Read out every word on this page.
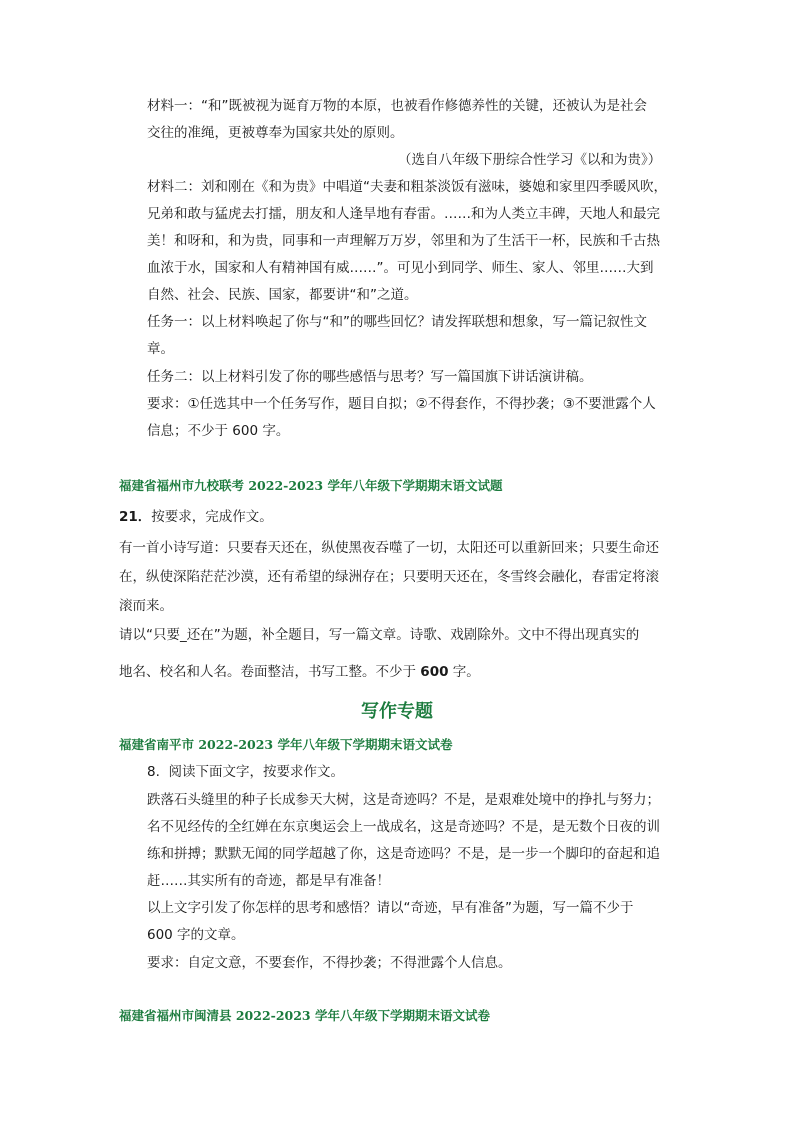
材料一：“和”既被视为诞育万物的本原，也被看作修德养性的关键，还被认为是社会
交往的准绳，更被尊奉为国家共处的原则。
（选自八年级下册综合性学习《以和为贵》）
材料二：刘和刚在《和为贵》中唱道“夫妻和粗茶淡饭有滋味，婆媳和家里四季暖风吹，
兄弟和敢与猛虎去打擂，朋友和人逢旱地有春雷。……和为人类立丰碑，天地人和最完
美！和呀和，和为贵，同事和一声理解万万岁，邻里和为了生活干一杯，民族和千古热
血浓于水，国家和人有精神国有威……”。可见小到同学、师生、家人、邻里……大到
自然、社会、民族、国家，都要讲“和”之道。
任务一：以上材料唤起了你与“和”的哪些回忆？请发挥联想和想象，写一篇记叙性文
章。
任务二：以上材料引发了你的哪些感悟与思考？写一篇国旗下讲话演讲稿。
要求：①任选其中一个任务写作，题目自拟；②不得套作，不得抄袭；③不要泄露个人
信息；不少于 600 字。
福建省福州市九校联考 2022-2023 学年八年级下学期期末语文试题
21．按要求，完成作文。
有一首小诗写道：只要春天还在，纵使黑夜吞噬了一切，太阳还可以重新回来；只要生命还
在，纵使深陷茫茫沙漠，还有希望的绿洲存在；只要明天还在，冬雪终会融化，春雷定将滚
滚而来。
请以“只要_还在”为题，补全题目，写一篇文章。诗歌、戏剧除外。文中不得出现真实的
地名、校名和人名。卷面整洁，书写工整。不少于 600 字。
写作专题
福建省南平市 2022-2023 学年八年级下学期期末语文试卷
8. 阅读下面文字，按要求作文。
跌落石头缝里的种子长成参天大树，这是奇迹吗？不是，是艰难处境中的挣扎与努力；
名不见经传的全红婵在东京奥运会上一战成名，这是奇迹吗？不是，是无数个日夜的训
练和拼搏；默默无闻的同学超越了你，这是奇迹吗？不是，是一步一个脚印的奋起和追
赶……其实所有的奇迹，都是早有准备！
以上文字引发了你怎样的思考和感悟？请以“奇迹，早有准备”为题，写一篇不少于
600 字的文章。
要求：自定文意，不要套作，不得抄袭；不得泄露个人信息。
福建省福州市闽清县 2022-2023 学年八年级下学期期末语文试卷
